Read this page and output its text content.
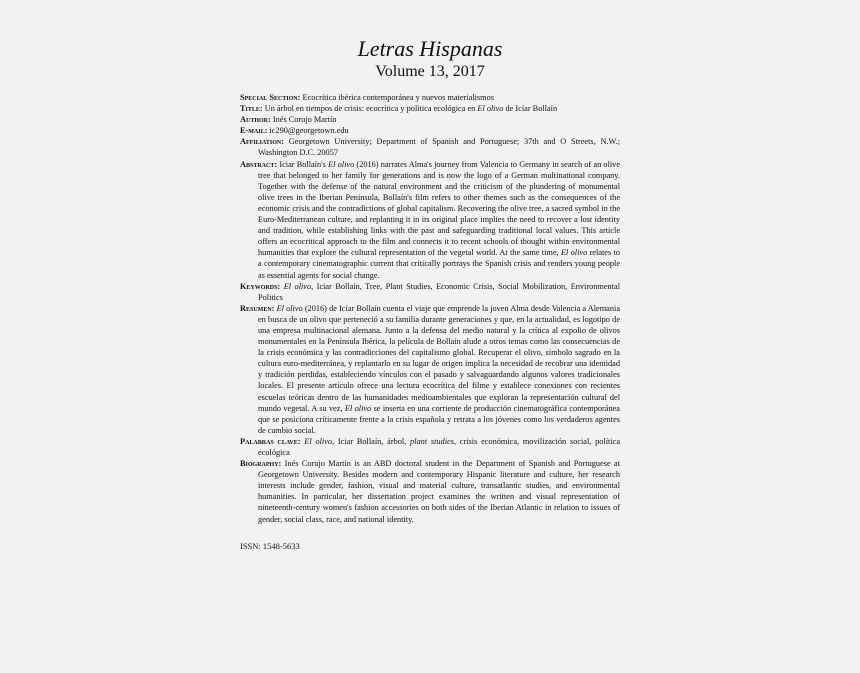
Letras Hispanas

Volume 13, 2017

Special Section: Ecocrítica ibérica contemporánea y nuevos materialismos

Title: Un árbol en tiempos de crisis: ecocrítica y política ecológica en El olivo de Icíar Bollaín

Author: Inés Corujo Martín

E-mail: ic290@georgetown.edu

Affiliation: Georgetown University; Department of Spanish and Portuguese; 37th and O Streets, N.W.; Washington D.C. 20057

Abstract: Iciar Bollaín's El olivo (2016) narrates Alma's journey from Valencia to Germany in search of an olive tree that belonged to her family for generations and is now the logo of a German multinational company. Together with the defense of the natural environment and the criticism of the plundering of monumental olive trees in the Iberian Peninsula, Bollaín's film refers to other themes such as the consequences of the economic crisis and the contradictions of global capitalism. Recovering the olive tree, a sacred symbol in the Euro-Mediterranean culture, and replanting it in its original place implies the need to recover a lost identity and tradition, while establishing links with the past and safeguarding traditional local values. This article offers an ecocritical approach to the film and connects it to recent schools of thought within environmental humanities that explore the cultural representation of the vegetal world. At the same time, El olivo relates to a contemporary cinematographic current that critically portrays the Spanish crisis and renders young people as essential agents for social change.

Keywords: El olivo, Iciar Bollaín, Tree, Plant Studies, Economic Crisis, Social Mobilization, Environmental Politics

Resumen: El olivo (2016) de Icíar Bollaín cuenta el viaje que emprende la joven Alma desde Valencia a Alemania en busca de un olivo que perteneció a su familia durante generaciones y que, en la actualidad, es logotipo de una empresa multinacional alemana. Junto a la defensa del medio natural y la crítica al expolio de olivos monumentales en la Península Ibérica, la película de Bollaín alude a otros temas como las consecuencias de la crisis económica y las contradicciones del capitalismo global. Recuperar el olivo, símbolo sagrado en la cultura euro-mediterránea, y replantarlo en su lugar de origen implica la necesidad de recobrar una identidad y tradición perdidas, estableciendo vínculos con el pasado y salvaguardando algunos valores tradicionales locales. El presente artículo ofrece una lectura ecocrítica del filme y establece conexiones con recientes escuelas teóricas dentro de las humanidades medioambientales que exploran la representación cultural del mundo vegetal. A su vez, El olivo se inserta en una corriente de producción cinematográfica contemporánea que se posiciona críticamente frente a la crisis española y retrata a los jóvenes como los verdaderos agentes de cambio social.

Palabras clave: El olivo, Iciar Bollaín, árbol, plant studies, crisis económica, movilización social, política ecológica

Biography: Inés Corujo Martín is an ABD doctoral student in the Department of Spanish and Portuguese at Georgetown University. Besides modern and contemporary Hispanic literature and culture, her research interests include gender, fashion, visual and material culture, transatlantic studies, and environmental humanities. In particular, her dissertation project examines the written and visual representation of nineteenth-century women's fashion accessories on both sides of the Iberian Atlantic in relation to issues of gender, social class, race, and national identity.

ISSN: 1548-5633
